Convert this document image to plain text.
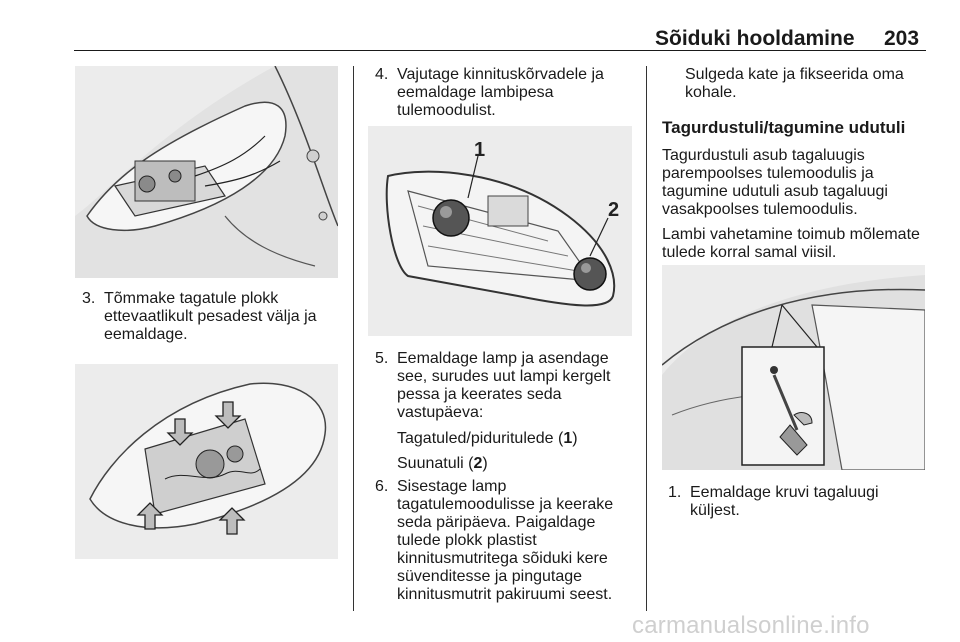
Sõiduki hooldamine 203
3. Tõmmake tagatule plokk
ettevaatlikult pesadest välja ja
eemaldage.
4. Vajutage kinnituskõrvadele ja
eemaldage lambipesa
tulemoodulist.
1
2
5. Eemaldage lamp ja asendage
see, surudes uut lampi kergelt
pessa ja keerates seda
vastupäeva:
Tagatuled/piduritulede (1)
Suunatuli (2)
6. Sisestage lamp
tagatulemoodulisse ja keerake
seda päripäeva. Paigaldage
tulede plokk plastist
kinnitusmutritega sõiduki kere
süvenditesse ja pingutage
kinnitusmutrit pakiruumi seest.
Sulgeda kate ja fikseerida oma
kohale.
Tagurdustuli/tagumine udutuli
Tagurdustuli asub tagaluugis
parempoolses tulemoodulis ja
tagumine udutuli asub tagaluugi
vasakpoolses tulemoodulis.
Lambi vahetamine toimub mõlemate
tulede korral samal viisil.
1. Eemaldage kruvi tagaluugi
küljest.
carmanualsonline.info
